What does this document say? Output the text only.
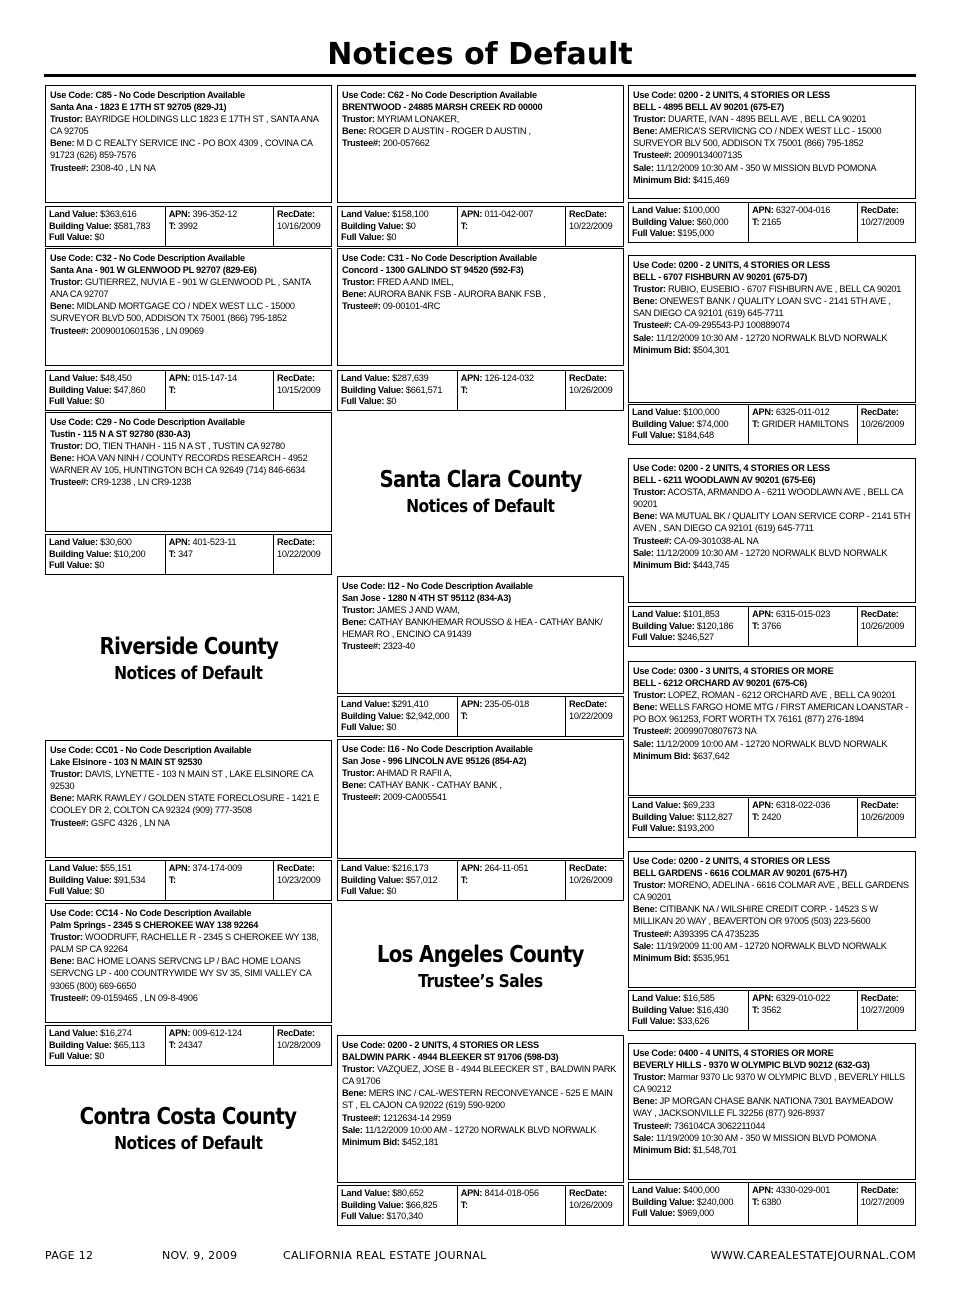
Notices of Default
Use Code: C85 - No Code Description Available
Santa Ana - 1823 E 17TH ST 92705 (829-J1)
Trustor: BAYRIDGE HOLDINGS LLC 1823 E 17TH ST , SANTA ANA CA 92705
Bene: M D C REALTY SERVICE INC - PO BOX 4309 , COVINA CA 91723 (626) 859-7576
Trustee#: 2308-40 , LN NA
Land Value: $363,616
Building Value: $581,783
Full Value: $0
APN: 396-352-12
T: 3992
RecDate:
10/16/2009
Use Code: C32 - No Code Description Available
Santa Ana - 901 W GLENWOOD PL 92707 (829-E6)
Trustor: GUTIERREZ, NUVIA E - 901 W GLENWOOD PL , SANTA ANA CA 92707
Bene: MIDLAND MORTGAGE CO / NDEX WEST LLC - 15000 SURVEYOR BLVD 500, ADDISON TX 75001 (866) 795-1852
Trustee#: 20090010601536 , LN 09069
Land Value: $48,450
Building Value: $47,860
Full Value: $0
APN: 015-147-14
T:
RecDate:
10/15/2009
Use Code: C29 - No Code Description Available
Tustin - 115 N A ST 92780 (830-A3)
Trustor: DO, TIEN THANH - 115 N A ST , TUSTIN CA 92780
Bene: HOA VAN NINH / COUNTY RECORDS RESEARCH - 4952 WARNER AV 105, HUNTINGTON BCH CA 92649 (714) 846-6634
Trustee#: CR9-1238 , LN CR9-1238
Land Value: $30,600
Building Value: $10,200
Full Value: $0
APN: 401-523-11
T: 347
RecDate:
10/22/2009
Riverside County
Notices of Default
Use Code: CC01 - No Code Description Available
Lake Elsinore - 103 N MAIN ST 92530
Trustor: DAVIS, LYNETTE - 103 N MAIN ST , LAKE ELSINORE CA 92530
Bene: MARK RAWLEY / GOLDEN STATE FORECLOSURE - 1421 E COOLEY DR 2, COLTON CA 92324 (909) 777-3508
Trustee#: GSFC 4326 , LN NA
Land Value: $55,151
Building Value: $91,534
Full Value: $0
APN: 374-174-009
T:
RecDate:
10/23/2009
Use Code: CC14 - No Code Description Available
Palm Springs - 2345 S CHEROKEE WAY 138 92264
Trustor: WOODRUFF, RACHELLE R - 2345 S CHEROKEE WY 138, PALM SP CA 92264
Bene: BAC HOME LOANS SERVCNG LP / BAC HOME LOANS SERVCNG LP - 400 COUNTRYWIDE WY SV 35, SIMI VALLEY CA 93065 (800) 669-6650
Trustee#: 09-0159465 , LN 09-8-4906
Land Value: $16,274
Building Value: $65,113
Full Value: $0
APN: 009-612-124
T: 24347
RecDate:
10/28/2009
Contra Costa County
Notices of Default
Use Code: C62 - No Code Description Available
BRENTWOOD - 24885 MARSH CREEK RD 00000
Trustor: MYRIAM LONAKER,
Bene: ROGER D AUSTIN - ROGER D AUSTIN ,
Trustee#: 200-057662
Land Value: $158,100
Building Value: $0
Full Value: $0
APN: 011-042-007
T:
RecDate:
10/22/2009
Use Code: C31 - No Code Description Available
Concord - 1300 GALINDO ST 94520 (592-F3)
Trustor: FRED A AND IMEL,
Bene: AURORA BANK FSB - AURORA BANK FSB ,
Trustee#: 09-00101-4RC
Land Value: $287,639
Building Value: $661,571
Full Value: $0
APN: 126-124-032
T:
RecDate:
10/26/2009
Santa Clara County
Notices of Default
Use Code: I12 - No Code Description Available
San Jose - 1280 N 4TH ST 95112 (834-A3)
Trustor: JAMES J AND WAM,
Bene: CATHAY BANK/HEMAR ROUSSO & HEA - CATHAY BANK/ HEMAR RO , ENCINO CA 91439
Trustee#: 2323-40
Land Value: $291,410
Building Value: $2,942,000
Full Value: $0
APN: 235-05-018
T:
RecDate:
10/22/2009
Use Code: I16 - No Code Description Available
San Jose - 996 LINCOLN AVE 95126 (854-A2)
Trustor: AHMAD R RAFII A,
Bene: CATHAY BANK - CATHAY BANK ,
Trustee#: 2009-CA005541
Land Value: $216,173
Building Value: $57,012
Full Value: $0
APN: 264-11-051
T:
RecDate:
10/26/2009
Los Angeles County
Trustee’s Sales
Use Code: 0200 - 2 UNITS, 4 STORIES OR LESS
BALDWIN PARK - 4944 BLEEKER ST 91706 (598-D3)
Trustor: VAZQUEZ, JOSE B - 4944 BLEECKER ST , BALDWIN PARK CA 91706
Bene: MERS INC / CAL-WESTERN RECONVEYANCE - 525 E MAIN ST , EL CAJON CA 92022 (619) 590-9200
Trustee#: 1212634-14 2959
Sale: 11/12/2009 10:00 AM - 12720 NORWALK BLVD NORWALK
Minimum Bid: $452,181
Land Value: $80,652
Building Value: $66,825
Full Value: $170,340
APN: 8414-018-056
T:
RecDate:
10/26/2009
Use Code: 0200 - 2 UNITS, 4 STORIES OR LESS
BELL - 4895 BELL AV 90201 (675-E7)
Trustor: DUARTE, IVAN - 4895 BELL AVE , BELL CA 90201
Bene: AMERICA’S SERVIICNG CO / NDEX WEST LLC - 15000 SURVEYOR BLV 500, ADDISON TX 75001 (866) 795-1852
Trustee#: 20090134007135
Sale: 11/12/2009 10:30 AM - 350 W MISSION BLVD POMONA
Minimum Bid: $415,469
Land Value: $100,000
Building Value: $60,000
Full Value: $195,000
APN: 6327-004-016
T: 2165
RecDate:
10/27/2009
Use Code: 0200 - 2 UNITS, 4 STORIES OR LESS
BELL - 6707 FISHBURN AV 90201 (675-D7)
Trustor: RUBIO, EUSEBIO - 6707 FISHBURN AVE , BELL CA 90201
Bene: ONEWEST BANK / QUALITY LOAN SVC - 2141 5TH AVE , SAN DIEGO CA 92101 (619) 645-7711
Trustee#: CA-09-295543-PJ 100889074
Sale: 11/12/2009 10:30 AM - 12720 NORWALK BLVD NORWALK
Minimum Bid: $504,301
Land Value: $100,000
Building Value: $74,000
Full Value: $184,648
APN: 6325-011-012
T: GRIDER HAMILTONS
RecDate:
10/26/2009
Use Code: 0200 - 2 UNITS, 4 STORIES OR LESS
BELL - 6211 WOODLAWN AV 90201 (675-E6)
Trustor: ACOSTA, ARMANDO A - 6211 WOODLAWN AVE , BELL CA 90201
Bene: WA MUTUAL BK / QUALITY LOAN SERVICE CORP - 2141 5TH AVEN , SAN DIEGO CA 92101 (619) 645-7711
Trustee#: CA-09-301038-AL NA
Sale: 11/12/2009 10:30 AM - 12720 NORWALK BLVD NORWALK
Minimum Bid: $443,745
Land Value: $101,853
Building Value: $120,186
Full Value: $246,527
APN: 6315-015-023
T: 3766
RecDate:
10/26/2009
Use Code: 0300 - 3 UNITS, 4 STORIES OR MORE
BELL - 6212 ORCHARD AV 90201 (675-C6)
Trustor: LOPEZ, ROMAN - 6212 ORCHARD AVE , BELL CA 90201
Bene: WELLS FARGO HOME MTG / FIRST AMERICAN LOANSTAR - PO BOX 961253, FORT WORTH TX 76161 (877) 276-1894
Trustee#: 20099070807673 NA
Sale: 11/12/2009 10:00 AM - 12720 NORWALK BLVD NORWALK
Minimum Bid: $637,642
Land Value: $69,233
Building Value: $112,827
Full Value: $193,200
APN: 6318-022-036
T: 2420
RecDate:
10/26/2009
Use Code: 0200 - 2 UNITS, 4 STORIES OR LESS
BELL GARDENS - 6616 COLMAR AV 90201 (675-H7)
Trustor: MORENO, ADELINA - 6616 COLMAR AVE , BELL GARDENS CA 90201
Bene: CITIBANK NA / WILSHIRE CREDIT CORP. - 14523 S W MILLIKAN 20 WAY , BEAVERTON OR 97005 (503) 223-5600
Trustee#: A393395 CA 4735235
Sale: 11/19/2009 11:00 AM - 12720 NORWALK BLVD NORWALK
Minimum Bid: $535,951
Land Value: $16,585
Building Value: $16,430
Full Value: $33,626
APN: 6329-010-022
T: 3562
RecDate:
10/27/2009
Use Code: 0400 - 4 UNITS, 4 STORIES OR MORE
BEVERLY HILLS - 9370 W OLYMPIC BLVD 90212 (632-G3)
Trustor: Marmar 9370 Llc 9370 W OLYMPIC BLVD , BEVERLY HILLS CA 90212
Bene: JP MORGAN CHASE BANK NATIONA 7301 BAYMEADOW WAY , JACKSONVILLE FL 32256 (877) 926-8937
Trustee#: 736104CA 3062211044
Sale: 11/19/2009 10:30 AM - 350 W MISSION BLVD POMONA
Minimum Bid: $1,548,701
Land Value: $400,000
Building Value: $240,000
Full Value: $969,000
APN: 4330-029-001
T: 6380
RecDate:
10/27/2009
PAGE 12	NOV. 9, 2009	CALIFORNIA REAL ESTATE JOURNAL	WWW.CAREALESTATEJOURNAL.COM
